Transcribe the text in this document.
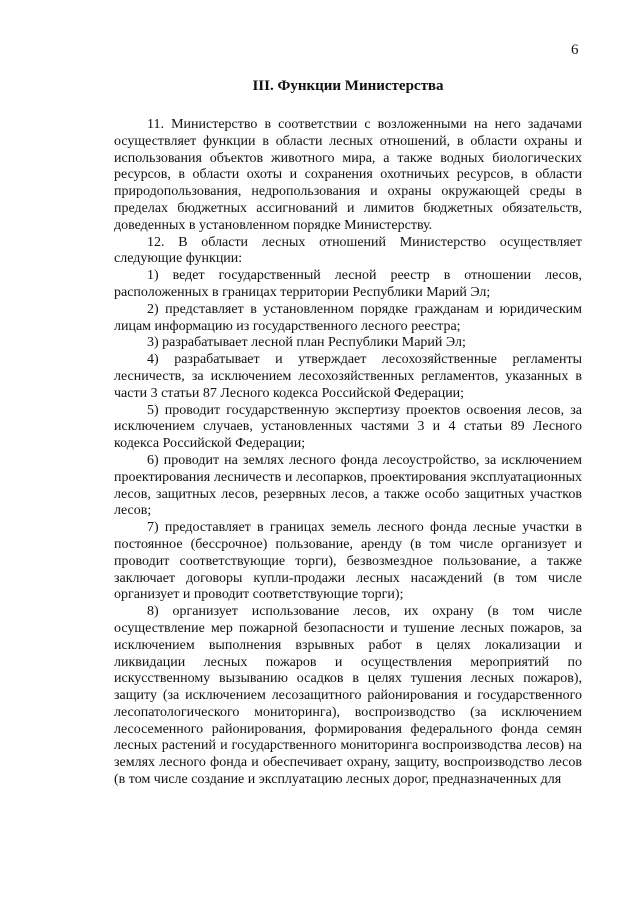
6
III. Функции Министерства

11. Министерство в соответствии с возложенными на него задачами осуществляет функции в области лесных отношений, в области охраны и использования объектов животного мира, а также водных биологических ресурсов, в области охоты и сохранения охотничьих ресурсов, в области природопользования, недропользования и охраны окружающей среды в пределах бюджетных ассигнований и лимитов бюджетных обязательств, доведенных в установленном порядке Министерству.

12. В области лесных отношений Министерство осуществляет следующие функции:

1) ведет государственный лесной реестр в отношении лесов, расположенных в границах территории Республики Марий Эл;

2) представляет в установленном порядке гражданам и юридическим лицам информацию из государственного лесного реестра;

3) разрабатывает лесной план Республики Марий Эл;

4) разрабатывает и утверждает лесохозяйственные регламенты лесничеств, за исключением лесохозяйственных регламентов, указанных в части 3 статьи 87 Лесного кодекса Российской Федерации;

5) проводит государственную экспертизу проектов освоения лесов, за исключением случаев, установленных частями 3 и 4 статьи 89 Лесного кодекса Российской Федерации;

6) проводит на землях лесного фонда лесоустройство, за исключением проектирования лесничеств и лесопарков, проектирования эксплуатационных лесов, защитных лесов, резервных лесов, а также особо защитных участков лесов;

7) предоставляет в границах земель лесного фонда лесные участки в постоянное (бессрочное) пользование, аренду (в том числе организует и проводит соответствующие торги), безвозмездное пользование, а также заключает договоры купли-продажи лесных насаждений (в том числе организует и проводит соответствующие торги);

8) организует использование лесов, их охрану (в том числе осуществление мер пожарной безопасности и тушение лесных пожаров, за исключением выполнения взрывных работ в целях локализации и ликвидации лесных пожаров и осуществления мероприятий по искусственному вызыванию осадков в целях тушения лесных пожаров), защиту (за исключением лесозащитного районирования и государственного лесопатологического мониторинга), воспроизводство (за исключением лесосеменного районирования, формирования федерального фонда семян лесных растений и государственного мониторинга воспроизводства лесов) на землях лесного фонда и обеспечивает охрану, защиту, воспроизводство лесов (в том числе создание и эксплуатацию лесных дорог, предназначенных для
